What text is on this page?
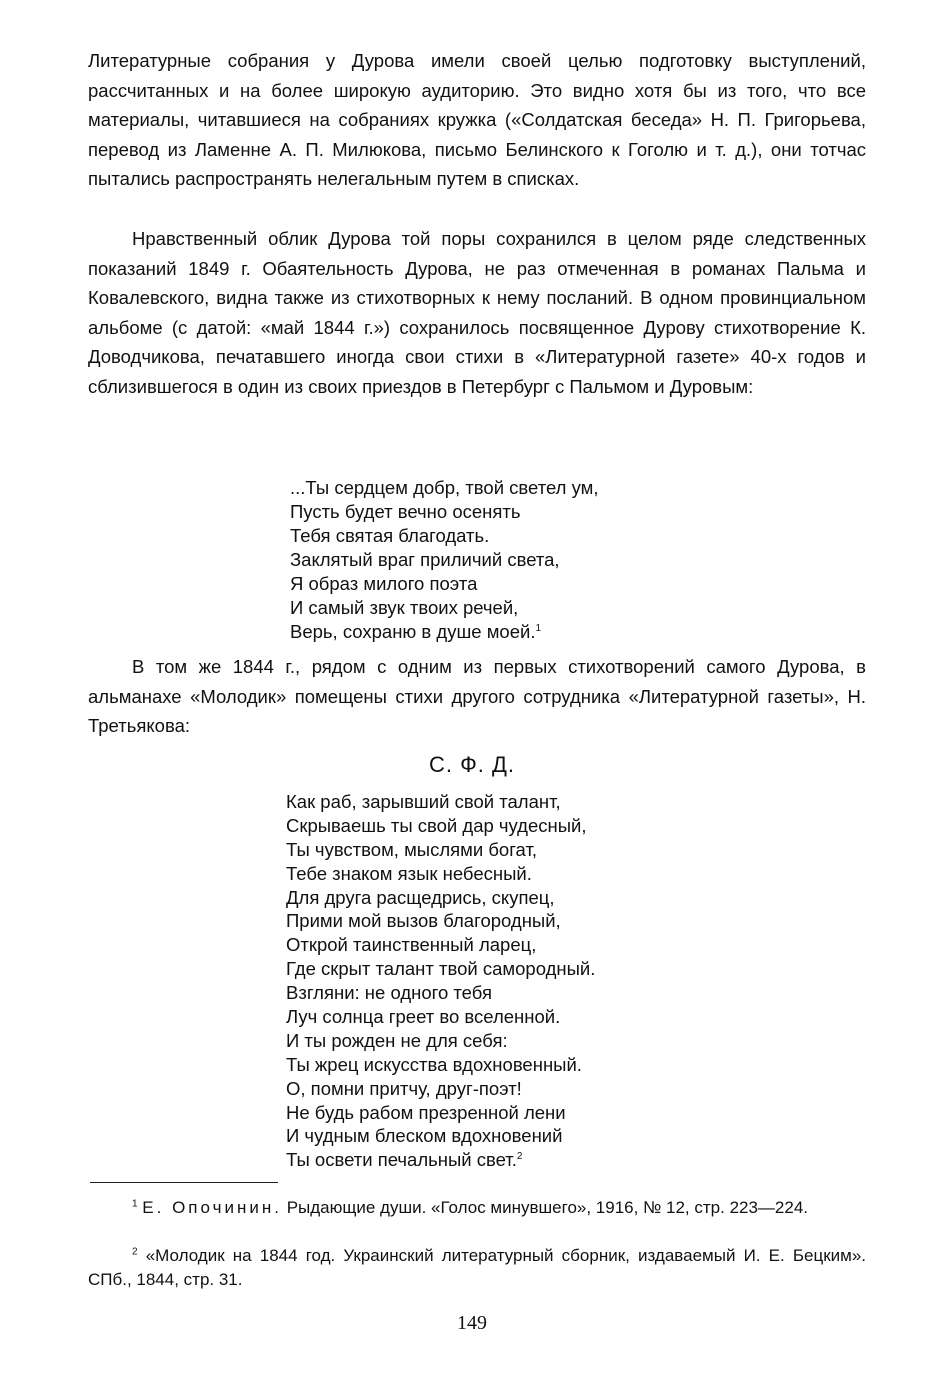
Литературные собрания у Дурова имели своей целью подготовку выступлений, рассчитанных и на более широкую аудиторию. Это видно хотя бы из того, что все материалы, читавшиеся на собраниях кружка («Солдатская беседа» Н. П. Григорьева, перевод из Ламенне А. П. Милюкова, письмо Белинского к Гоголю и т. д.), они тотчас пытались распространять нелегальным путем в списках.

Нравственный облик Дурова той поры сохранился в целом ряде следственных показаний 1849 г. Обаятельность Дурова, не раз отмеченная в романах Пальма и Ковалевского, видна также из стихотворных к нему посланий. В одном провинциальном альбоме (с датой: «май 1844 г.») сохранилось посвященное Дурову стихотворение К. Доводчикова, печатавшего иногда свои стихи в «Литературной газете» 40-х годов и сблизившегося в один из своих приездов в Петербург с Пальмом и Дуровым:

...Ты сердцем добр, твой светел ум,
Пусть будет вечно осенять
Тебя святая благодать.
Заклятый враг приличий света,
Я образ милого поэта
И самый звук твоих речей,
Верь, сохраню в душе моей.$^1$

В том же 1844 г., рядом с одним из первых стихотворений самого Дурова, в альманахе «Молодик» помещены стихи другого сотрудника «Литературной газеты», Н. Третьякова:

С. Ф. Д.
Как раб, зарывший свой талант,
Скрываешь ты свой дар чудесный,
Ты чувством, мыслями богат,
Тебе знаком язык небесный.
Для друга расщедрись, скупец,
Прими мой вызов благородный,
Открой таинственный ларец,
Где скрыт талант твой самородный.
Взгляни: не одного тебя
Луч солнца греет во вселенной.
И ты рожден не для себя:
Ты жрец искусства вдохновенный.
О, помни притчу, друг-поэт!
Не будь рабом презренной лени
И чудным блеском вдохновений
Ты освети печальный свет.$^2$

$^1$ Е. Опочинин. Рыдающие души. «Голос минувшего», 1916, № 12, стр. 223—224.

$^2$ «Молодик на 1844 год. Украинский литературный сборник, издаваемый И. Е. Бецким». СПб., 1844, стр. 31.

149
